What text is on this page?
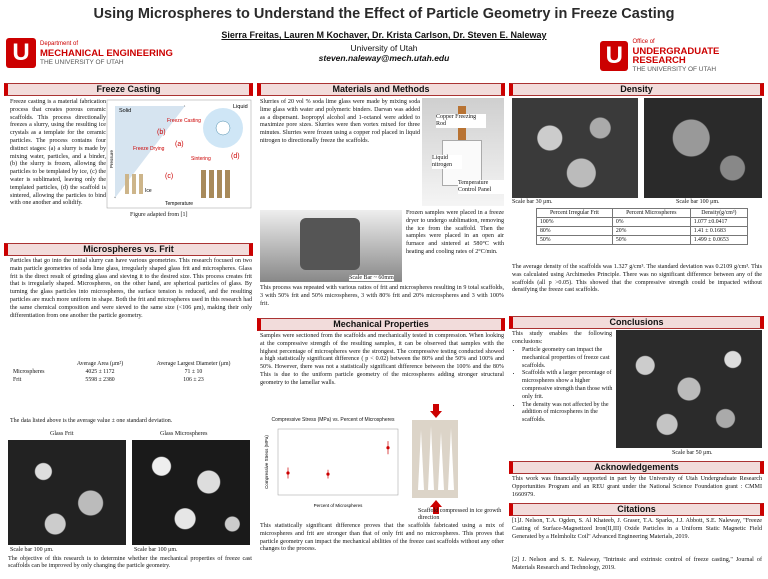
Using Microspheres to Understand the Effect of Particle Geometry in Freeze Casting
Sierra Freitas, Lauren M Kochaver, Dr. Krista Carlson, Dr. Steven E. Naleway
University of Utah
steven.naleway@mech.utah.edu
U	Department of
MECHANICAL ENGINEERING
THE UNIVERSITY OF UTAH	U	Office of
UNDERGRADUATE RESEARCH
THE UNIVERSITY OF UTAH
Freeze Casting
Freeze casting is a material fabrication process that creates porous ceramic scaffolds. This process directionally freezes a slurry, using the resulting ice crystals as a template for the ceramic particles. The process contains four distinct stages: (a) a slurry is made by mixing water, particles, and a binder, (b) the slurry is frozen, allowing the particles to be templated by ice, (c) the water is sublimated, leaving only the templated particles, (d) the scaffold is sintered, allowing the particles to bind with one another and solidify.
Solid
Liquid
Freeze Casting
Freeze Drying
Sintering
(a)
(b)
(c)
(d)
Ice
Temperature
Pressure
Figure adapted from [1]
Microspheres vs. Frit
Particles that go into the initial slurry can have various geometries. This research focused on two main particle geometries of soda lime glass, irregularly shaped glass frit and microspheres. Glass frit is the direct result of grinding glass and sieving it to the desired size. This process creates frit that is irregularly shaped. Microspheres, on the other hand, are spherical particles of glass. By turning the glass particles into microspheres, the surface tension is reduced, and the resulting particles are much more uniform in shape. Both the frit and microspheres used in this research had the same chemical composition and were sieved to the same size (<106 μm), making their only differentiation from one another the particle geometry.
	Average Area (μm²)	Average Largest Diameter (μm)
Microspheres	4025 ± 1172	71 ± 10
Frit	5598 ± 2380	106 ± 23
The data listed above is the average value ± one standard deviation.
Glass Frit	Glass Microspheres
Scale bar 100 μm.	Scale bar 100 μm.
The objective of this research is to determine whether the mechanical properties of freeze cast scaffolds can be improved by only changing the particle geometry.
Materials and Methods
Slurries of 20 vol % soda lime glass were made by mixing soda lime glass with water and polymeric binders. Darvan was added as a dispersant. Isopropyl alcohol and 1-octanol were added to maximize pore sizes. Slurries were then vortex mixed for three minutes. Slurries were frozen using a copper rod placed in liquid nitrogen to directionally freeze the scaffolds.
Copper Freezing Rod
Liquid nitrogen
Temperature Control Panel
Scale Bar ~ 60mm
Frozen samples were placed in a freeze dryer to undergo sublimation, removing the ice from the scaffold. Then the samples were placed in an open air furnace and sintered at 580°C with heating and cooling rates of 2°C/min.
This process was repeated with various ratios of frit and microspheres resulting in 9 total scaffolds, 3 with 50% frit and 50% microspheres, 3 with 80% frit and 20% microspheres and 3 with 100% frit.
Mechanical Properties
Samples were sectioned from the scaffolds and mechanically tested in compression. When looking at the compressive strength of the resulting samples, it can be observed that samples with the highest percentage of microspheres were the strongest. The compressive testing conducted showed a high statistically significant difference ( p < 0.02) between the 80% and the 50% and 100% and 50%. However, there was not a statistically significant difference between the 100% and the 80% This is due to the uniform particle geometry of the microspheres adding stronger structural geometry to the lamellar walls.
Compressive Stress (MPa) vs. Percent of Microspheres
Percent of Microspheres
Compressive Stress (MPa)
Scaffold compressed in ice growth direction
This statistically significant difference proves that the scaffolds fabricated using a mix of microspheres and frit are stronger than that of only frit and no microspheres. This proves that particle geometry can impact the mechanical abilities of the freeze cast scaffolds without any other changes to the process.
Density
Scale bar 30 μm.	Scale bar 100 μm.
Percent Irregular Frit	Percent Microspheres	Density(g/cm³)
100%	0%	1.077 ±0.0417
80%	20%	1.41 ± 0.1683
50%	50%	1.499 ± 0.0653
The average density of the scaffolds was 1.327 g/cm³. The standard deviation was 0.2109 g/cm³. This was calculated using Archimedes Principle. There was no significant difference between any of the scaffolds (all p >0.05). This showed that the compressive strength could be impacted without densifying the freeze cast scaffolds.
Conclusions
This study enables the following conclusions:
• Particle geometry can impact the mechanical properties of freeze cast scaffolds.
• Scaffolds with a larger percentage of microspheres show a higher compressive strength than those with only frit.
• The density was not affected by the addition of microspheres in the scaffolds.
Scale bar 50 μm.
Acknowledgements
This work was financially supported in part by the University of Utah Undergraduate Research Opportunities Program and an REU grant under the National Science Foundation grant : CMMI 1660979.
Citations
[1]J. Nelson, T.A. Ogden, S. Al Khateeb, J. Graser, T.A. Sparks, J.J. Abbott, S.E. Naleway, "Freeze Casting of Surface-Magnetized Iron(II,III) Oxide Particles in a Uniform Static Magnetic Field Generated by a Helmholtz Coil" Advanced Engineering Materials, 2019.
[2] J. Nelson and S. E. Naleway, "Intrinsic and extrinsic control of freeze casting," Journal of Materials Research and Technology, 2019.
